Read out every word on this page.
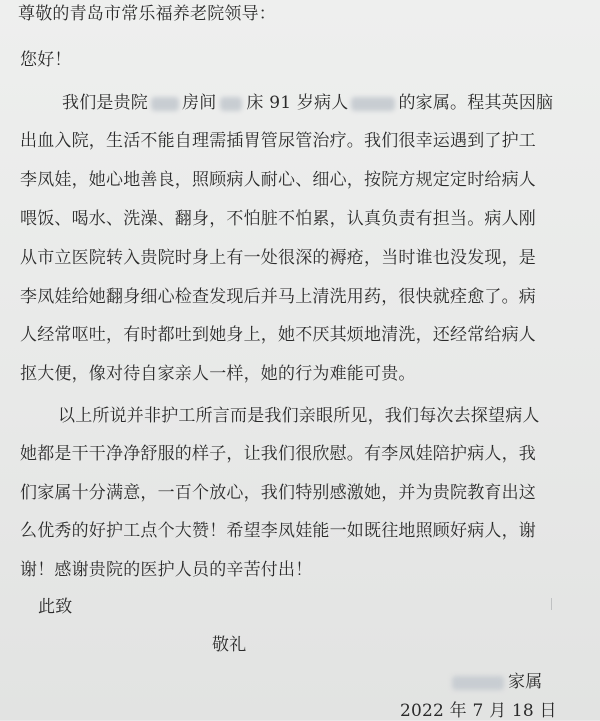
尊敬的青岛市常乐福养老院领导：
您好！
我们是贵院 房间 床 91 岁病人	的家属。程其英因脑
出血入院，生活不能自理需插胃管尿管治疗。我们很幸运遇到了护工
李凤娃，她心地善良，照顾病人耐心、细心，按院方规定定时给病人
喂饭、喝水、洗澡、翻身，不怕脏不怕累，认真负责有担当。病人刚
从市立医院转入贵院时身上有一处很深的褥疮，当时谁也没发现，是
李凤娃给她翻身细心检查发现后并马上清洗用药，很快就痊愈了。病
人经常呕吐，有时都吐到她身上，她不厌其烦地清洗，还经常给病人
抠大便，像对待自家亲人一样，她的行为难能可贵。
以上所说并非护工所言而是我们亲眼所见，我们每次去探望病人
她都是干干净净舒服的样子，让我们很欣慰。有李凤娃陪护病人，我
们家属十分满意，一百个放心，我们特别感激她，并为贵院教育出这
么优秀的好护工点个大赞！希望李凤娃能一如既往地照顾好病人，谢
谢！感谢贵院的医护人员的辛苦付出！
此致
敬礼
家属
2022 年 7 月 18 日
